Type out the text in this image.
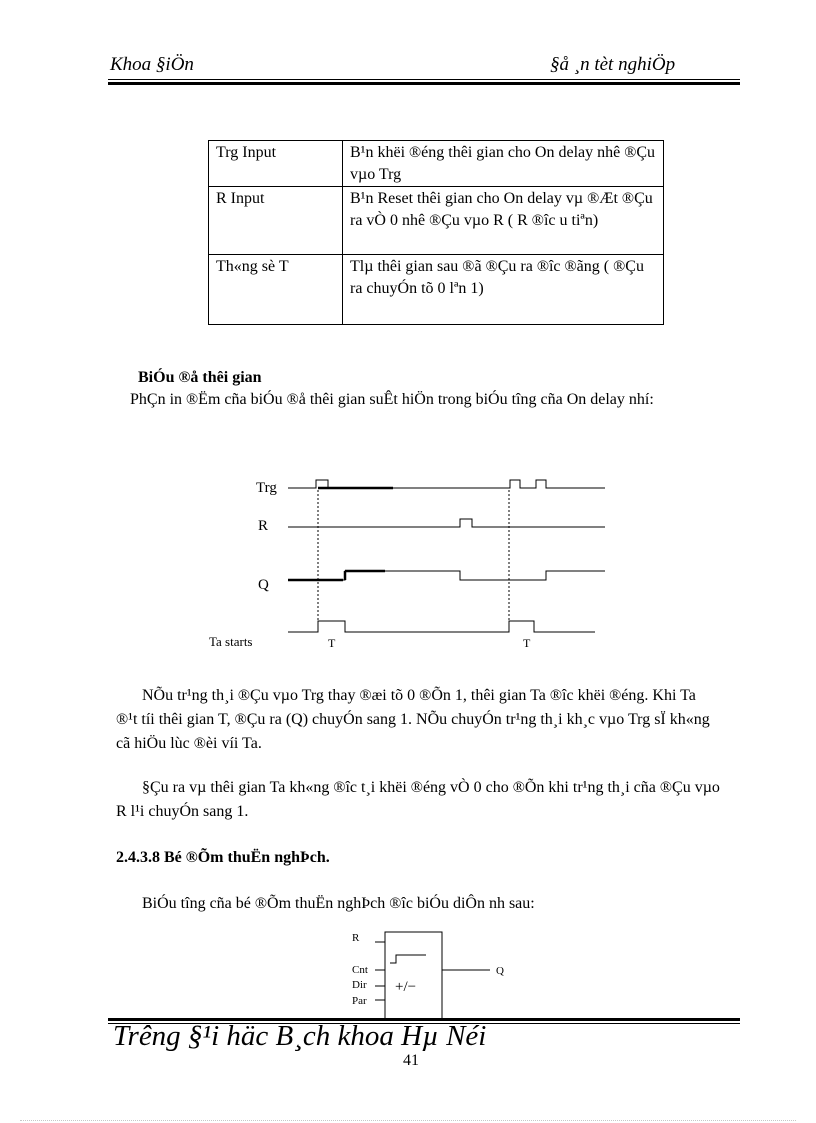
Khoa §iÖn	§å ¸n tèt nghiÖp
Trg Input	B¹n khëi ®éng thêi gian cho On delay nhê ®Çu vµo Trg
R Input	B¹n Reset thêi gian cho On delay vµ ®Æt ®Çu ra vÒ 0 nhê ®Çu vµo R ( R ®îc u tiªn)
Th«ng sè T	Tlµ thêi gian sau ®ã ®Çu ra ®îc ®ãng ( ®Çu ra chuyÓn tõ 0 lªn 1)
BiÓu ®å thêi gian
PhÇn in ®Ëm cña biÓu ®å thêi gian suÊt hiÖn trong biÓu tîng cña On delay nhí:
Trg
R
Q
Ta starts	T	T
NÕu tr¹ng th¸i ®Çu vµo Trg thay ®æi tõ 0 ®Õn 1, thêi gian Ta ®îc khëi ®éng. Khi Ta ®¹t tíi thêi gian T, ®Çu ra (Q) chuyÓn sang 1. NÕu chuyÓn tr¹ng th¸i kh¸c vµo Trg sÏ kh«ng cã hiÖu lùc ®èi víi Ta.
§Çu ra vµ thêi gian Ta kh«ng ®îc t¸i khëi ®éng vÒ 0 cho ®Õn khi tr¹ng th¸i cña ®Çu vµo R l¹i chuyÓn sang 1.
2.4.3.8 Bé ®Õm thuËn nghÞch.
BiÓu tîng cña bé ®Õm thuËn nghÞch ®îc biÓu diÔn nh sau:
R
Cnt
Dir
Par
+/−
Q
Trêng §¹i häc B¸ch khoa Hµ Néi
41
